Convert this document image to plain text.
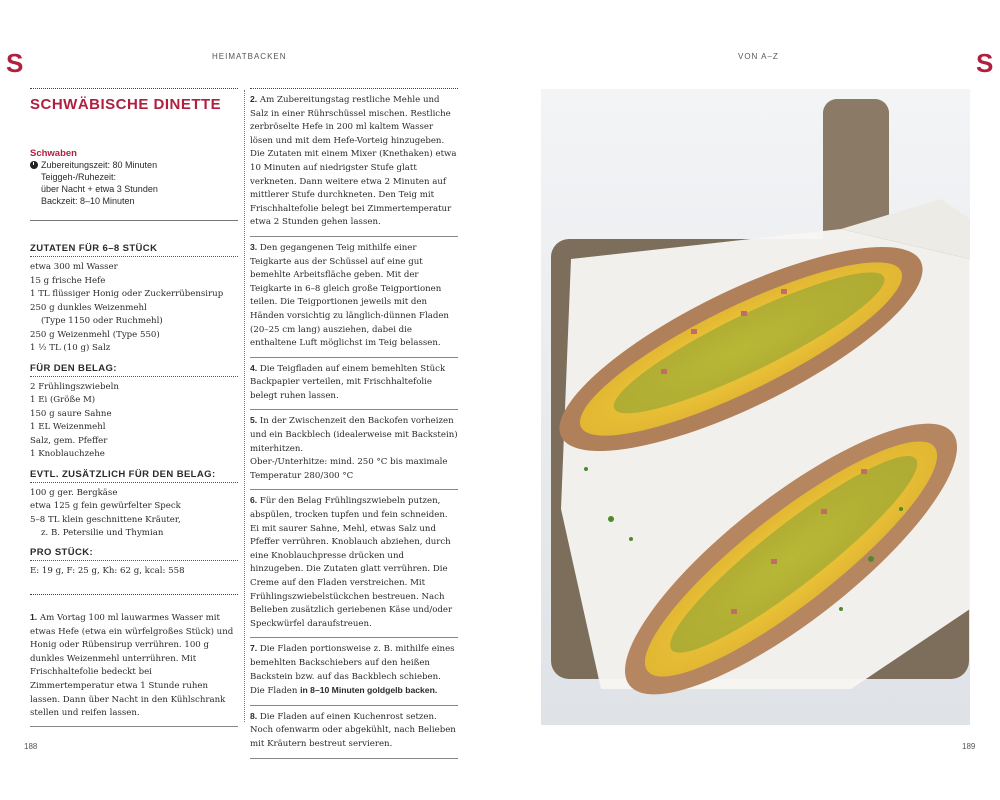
S	HEIMATBACKEN	VON A–Z	S
SCHWÄBISCHE DINETTE
Schwaben
Zubereitungszeit: 80 Minuten
Teiggeh-/Ruhezeit:
über Nacht + etwa 3 Stunden
Backzeit: 8–10 Minuten
ZUTATEN FÜR 6–8 STÜCK
etwa 300 ml Wasser
15 g frische Hefe
1 TL flüssiger Honig oder Zuckerrübensirup
250 g dunkles Weizenmehl
(Type 1150 oder Ruchmehl)
250 g Weizenmehl (Type 550)
1 ½ TL (10 g) Salz
FÜR DEN BELAG:
2 Frühlingszwiebeln
1 Ei (Größe M)
150 g saure Sahne
1 EL Weizenmehl
Salz, gem. Pfeffer
1 Knoblauchzehe
EVTL. ZUSÄTZLICH FÜR DEN BELAG:
100 g ger. Bergkäse
etwa 125 g fein gewürfelter Speck
5–8 TL klein geschnittene Kräuter,
z. B. Petersilie und Thymian
PRO STÜCK:
E: 19 g, F: 25 g, Kh: 62 g, kcal: 558
1. Am Vortag 100 ml lauwarmes Wasser mit etwas Hefe (etwa ein würfelgroßes Stück) und Honig oder Rübensirup verrühren. 100 g dunkles Weizenmehl unterrühren. Mit Frischhaltefolie bedeckt bei Zimmertemperatur etwa 1 Stunde ruhen lassen. Dann über Nacht in den Kühlschrank stellen und reifen lassen.
2. Am Zubereitungstag restliche Mehle und Salz in einer Rührschüssel mischen. Restliche zerbröselte Hefe in 200 ml kaltem Wasser lösen und mit dem Hefe-Vorteig hinzugeben. Die Zutaten mit einem Mixer (Knethaken) etwa 10 Minuten auf niedrigster Stufe glatt verkneten. Dann weitere etwa 2 Minuten auf mittlerer Stufe durchkneten. Den Teig mit Frischhaltefolie belegt bei Zimmertemperatur etwa 2 Stunden gehen lassen.
3. Den gegangenen Teig mithilfe einer Teigkarte aus der Schüssel auf eine gut bemehlte Arbeitsfläche geben. Mit der Teigkarte in 6–8 gleich große Teigportionen teilen. Die Teigportionen jeweils mit den Händen vorsichtig zu länglich-dünnen Fladen (20–25 cm lang) ausziehen, dabei die enthaltene Luft möglichst im Teig belassen.
4. Die Teigfladen auf einem bemehlten Stück Backpapier verteilen, mit Frischhaltefolie belegt ruhen lassen.
5. In der Zwischenzeit den Backofen vorheizen und ein Backblech (idealerweise mit Backstein) miterhitzen.
Ober-/Unterhitze: mind. 250 °C bis maximale Temperatur 280/300 °C
6. Für den Belag Frühlingszwiebeln putzen, abspülen, trocken tupfen und fein schneiden. Ei mit saurer Sahne, Mehl, etwas Salz und Pfeffer verrühren. Knoblauch abziehen, durch eine Knoblauchpresse drücken und hinzugeben. Die Zutaten glatt verrühren. Die Creme auf den Fladen verstreichen. Mit Frühlingszwiebelstückchen bestreuen. Nach Belieben zusätzlich geriebenen Käse und/oder Speckwürfel daraufstreuen.
7. Die Fladen portionsweise z. B. mithilfe eines bemehlten Backschiebers auf den heißen Backstein bzw. auf das Backblech schieben. Die Fladen in 8–10 Minuten goldgelb backen.
8. Die Fladen auf einen Kuchenrost setzen. Noch ofenwarm oder abgekühlt, nach Belieben mit Kräutern bestreut servieren.
188	189
